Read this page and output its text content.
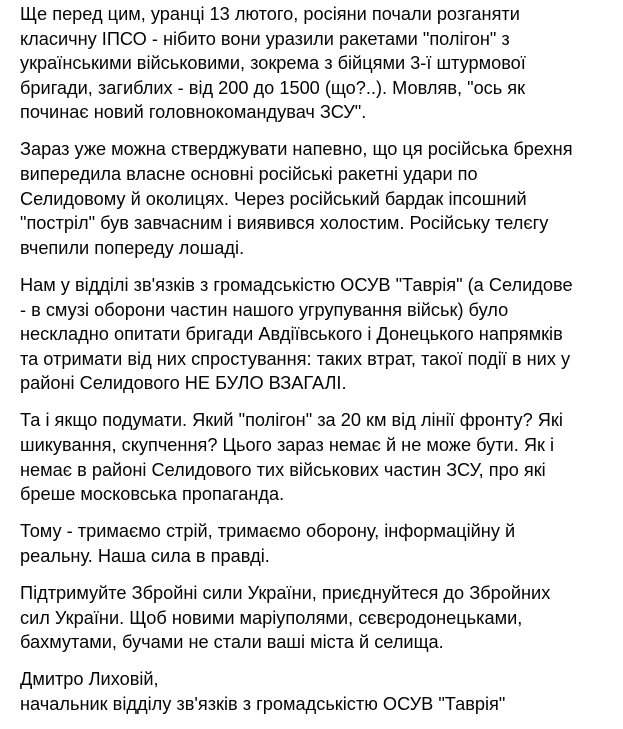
Ще перед цим, уранці 13 лютого, росіяни почали розганяти
класичну ІПСО - нібито вони уразили ракетами "полігон" з
українськими військовими, зокрема з бійцями 3-ї штурмової
бригади, загиблих - від 200 до 1500 (що?..). Мовляв, "ось як
починає новий головнокомандувач ЗСУ".

Зараз уже можна стверджувати напевно, що ця російська брехня
випередила власне основні російські ракетні удари по
Селидовому й околицях. Через російський бардак іпсошний
"постріл" був завчасним і виявився холостим. Російську телєгу
вчепили попереду лошаді.

Нам у відділі зв'язків з громадськістю ОСУВ "Таврія" (а Селидове
- в смузі оборони частин нашого угрупування військ) було
нескладно опитати бригади Авдіївського і Донецького напрямків
та отримати від них спростування: таких втрат, такої події в них у
районі Селидового НЕ БУЛО ВЗАГАЛІ.

Та і якщо подумати. Який "полігон" за 20 км від лінії фронту? Які
шикування, скупчення? Цього зараз немає й не може бути. Як і
немає в районі Селидового тих військових частин ЗСУ, про які
бреше московська пропаганда.

Тому - тримаємо стрій, тримаємо оборону, інформаційну й
реальну. Наша сила в правді.

Підтримуйте Збройні сили України, приєднуйтеся до Збройних
сил України. Щоб новими маріуполями, сєвєродонецьками,
бахмутами, бучами не стали ваші міста й селища.

Дмитро Лиховій,
начальник відділу зв'язків з громадськістю ОСУВ "Таврія"
